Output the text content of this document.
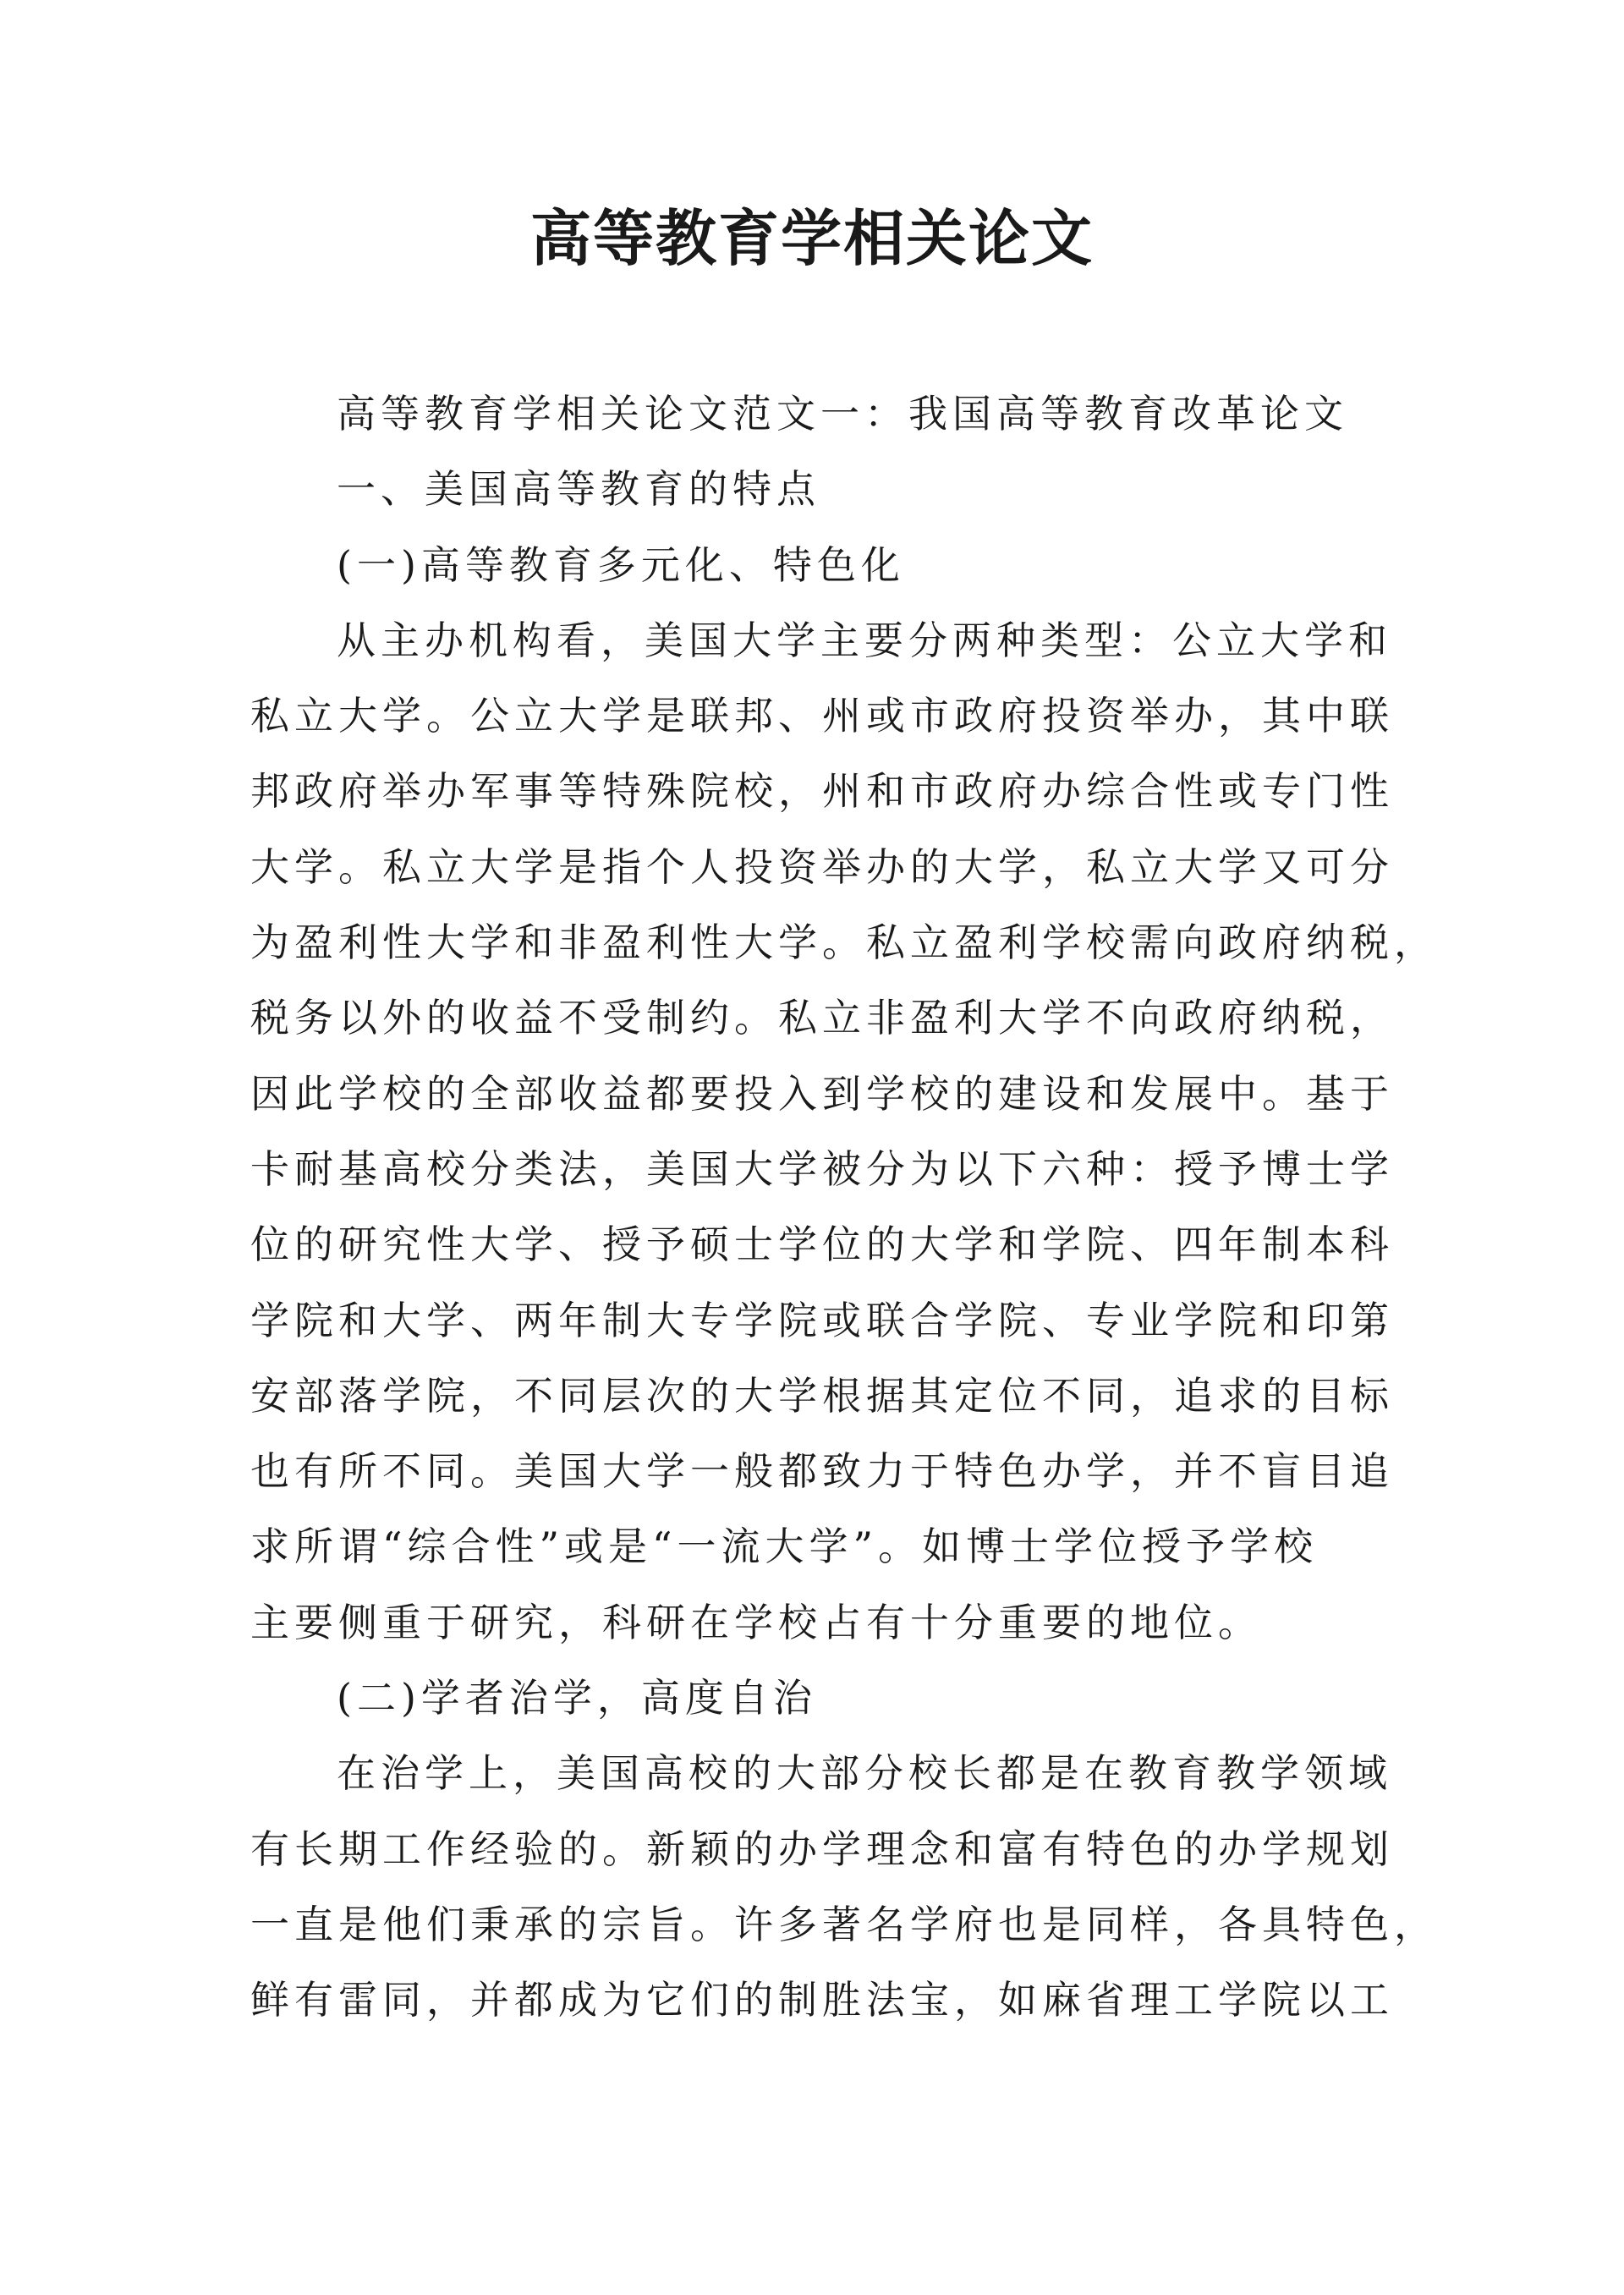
高等教育学相关论文
高等教育学相关论文范文一：我国高等教育改革论文
一、美国高等教育的特点
(一)高等教育多元化、特色化
从主办机构看，美国大学主要分两种类型：公立大学和
私立大学。公立大学是联邦、州或市政府投资举办，其中联
邦政府举办军事等特殊院校，州和市政府办综合性或专门性
大学。私立大学是指个人投资举办的大学，私立大学又可分
为盈利性大学和非盈利性大学。私立盈利学校需向政府纳税，
税务以外的收益不受制约。私立非盈利大学不向政府纳税，
因此学校的全部收益都要投入到学校的建设和发展中。基于
卡耐基高校分类法，美国大学被分为以下六种：授予博士学
位的研究性大学、授予硕士学位的大学和学院、四年制本科
学院和大学、两年制大专学院或联合学院、专业学院和印第
安部落学院，不同层次的大学根据其定位不同，追求的目标
也有所不同。美国大学一般都致力于特色办学，并不盲目追
求所谓“综合性”或是“一流大学”。如博士学位授予学校
主要侧重于研究，科研在学校占有十分重要的地位。
(二)学者治学，高度自治
在治学上，美国高校的大部分校长都是在教育教学领域
有长期工作经验的。新颖的办学理念和富有特色的办学规划
一直是他们秉承的宗旨。许多著名学府也是同样，各具特色，
鲜有雷同，并都成为它们的制胜法宝，如麻省理工学院以工
